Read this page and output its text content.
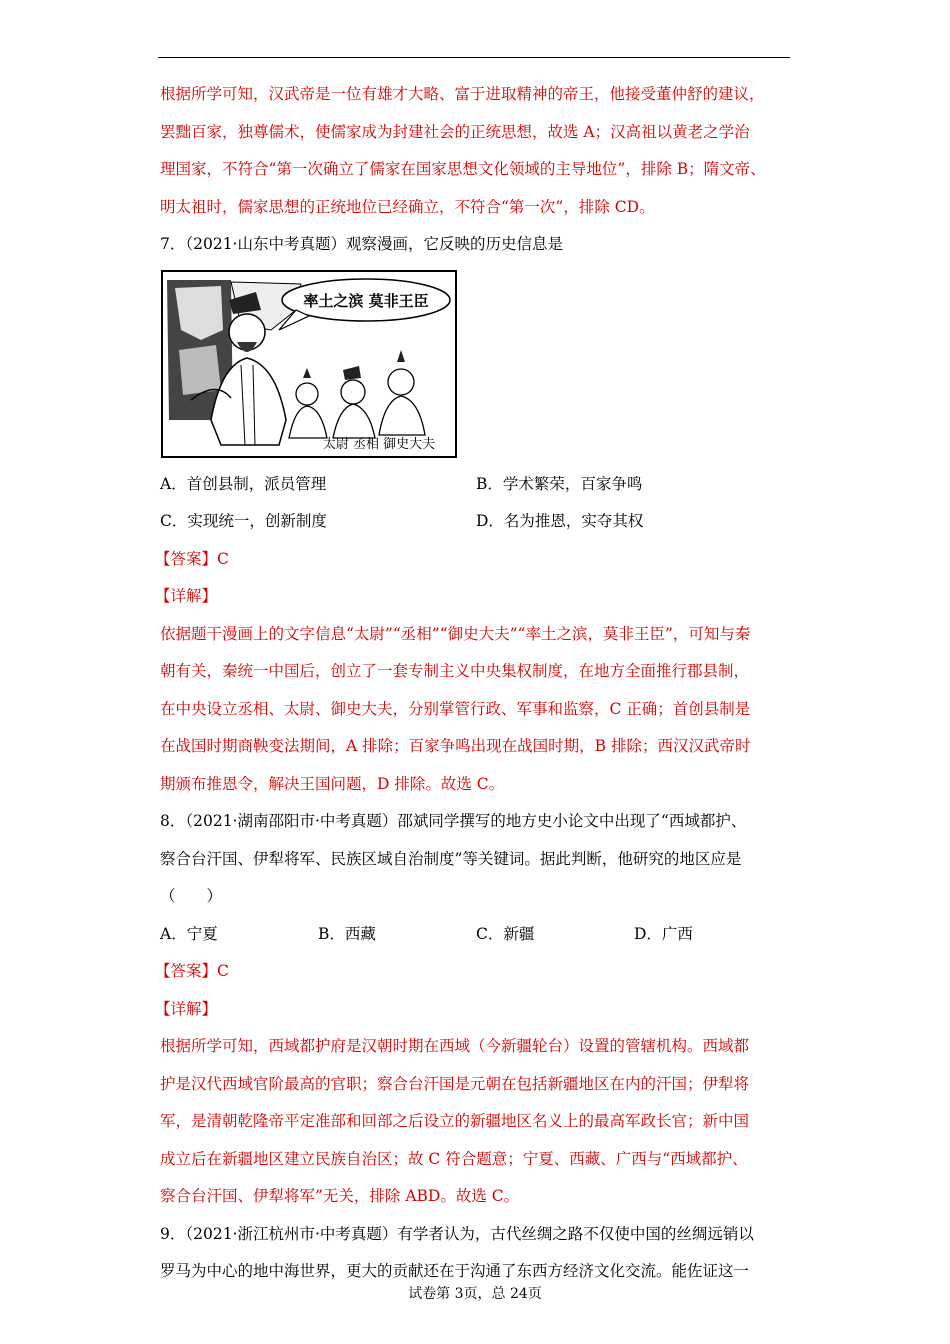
根据所学可知，汉武帝是一位有雄才大略、富于进取精神的帝王，他接受董仲舒的建议，
罢黜百家，独尊儒术，使儒家成为封建社会的正统思想，故选 A；汉高祖以黄老之学治
理国家，不符合“第一次确立了儒家在国家思想文化领域的主导地位”，排除 B；隋文帝、
明太祖时，儒家思想的正统地位已经确立，不符合“第一次”，排除 CD。

7．（2021·山东中考真题）观察漫画，它反映的历史信息是

率土之滨 莫非王臣
太尉 丞相 御史大夫
A．首创县制，派员管理	B．学术繁荣，百家争鸣
C．实现统一，创新制度	D．名为推恩，实夺其权

【答案】C

【详解】

依据题干漫画上的文字信息“太尉”“丞相”“御史大夫”“率土之滨，莫非王臣”，可知与秦
朝有关，秦统一中国后，创立了一套专制主义中央集权制度，在地方全面推行郡县制，
在中央设立丞相、太尉、御史大夫，分别掌管行政、军事和监察，C 正确；首创县制是
在战国时期商鞅变法期间，A 排除；百家争鸣出现在战国时期，B 排除；西汉汉武帝时
期颁布推恩令，解决王国问题，D 排除。故选 C。

8．（2021·湖南邵阳市·中考真题）邵斌同学撰写的地方史小论文中出现了“西域都护、
察合台汗国、伊犁将军、民族区域自治制度”等关键词。据此判断，他研究的地区应是
（　　）

A．宁夏	B．西藏	C．新疆	D．广西

【答案】C

【详解】

根据所学可知，西域都护府是汉朝时期在西域（今新疆轮台）设置的管辖机构。西域都
护是汉代西域官阶最高的官职；察合台汗国是元朝在包括新疆地区在内的汗国；伊犁将
军，是清朝乾隆帝平定准部和回部之后设立的新疆地区名义上的最高军政长官；新中国
成立后在新疆地区建立民族自治区；故 C 符合题意；宁夏、西藏、广西与“西域都护、
察合台汗国、伊犁将军”无关，排除 ABD。故选 C。

9．（2021·浙江杭州市·中考真题）有学者认为，古代丝绸之路不仅使中国的丝绸远销以
罗马为中心的地中海世界，更大的贡献还在于沟通了东西方经济文化交流。能佐证这一

试卷第 3页，总 24页
